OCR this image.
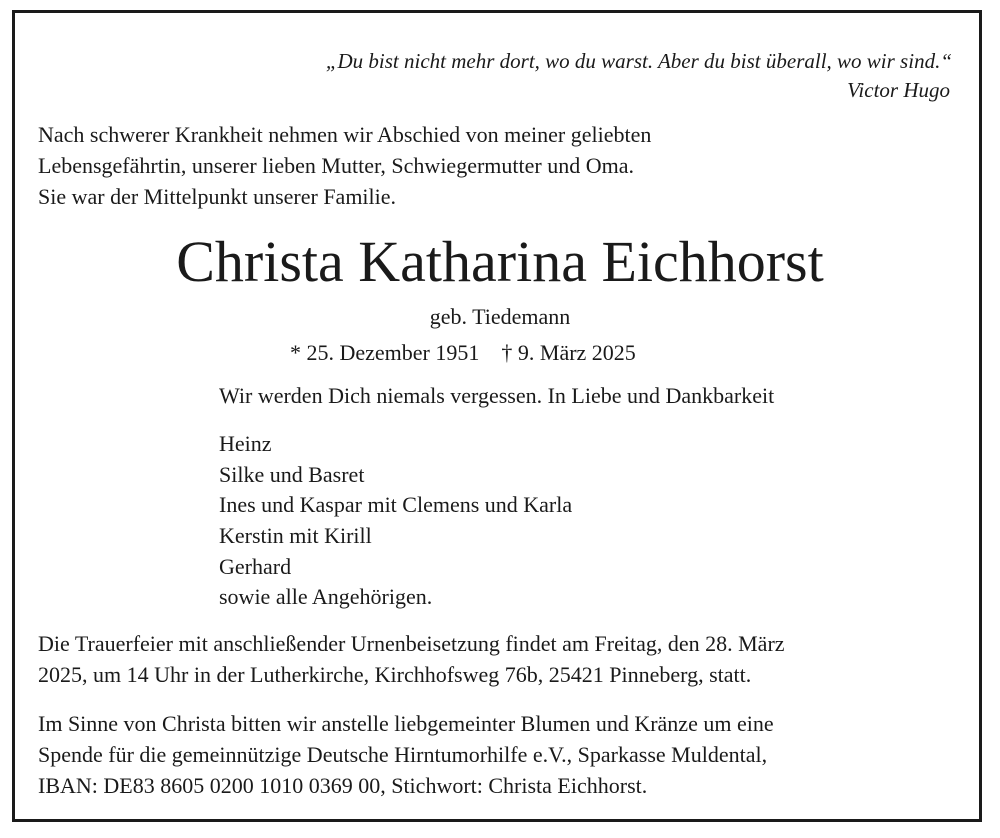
„Du bist nicht mehr dort, wo du warst. Aber du bist überall, wo wir sind.“
Victor Hugo
Nach schwerer Krankheit nehmen wir Abschied von meiner geliebten
Lebensgefährtin, unserer lieben Mutter, Schwiegermutter und Oma.
Sie war der Mittelpunkt unserer Familie.
Christa Katharina Eichhorst
geb. Tiedemann
* 25. Dezember 1951 † 9. März 2025
Wir werden Dich niemals vergessen. In Liebe und Dankbarkeit
Heinz
Silke und Basret
Ines und Kaspar mit Clemens und Karla
Kerstin mit Kirill
Gerhard
sowie alle Angehörigen.
Die Trauerfeier mit anschließender Urnenbeisetzung findet am Freitag, den 28. März
2025, um 14 Uhr in der Lutherkirche, Kirchhofsweg 76b, 25421 Pinneberg, statt.
Im Sinne von Christa bitten wir anstelle liebgemeinter Blumen und Kränze um eine
Spende für die gemeinnützige Deutsche Hirntumorhilfe e.V., Sparkasse Muldental,
IBAN: DE83 8605 0200 1010 0369 00, Stichwort: Christa Eichhorst.
